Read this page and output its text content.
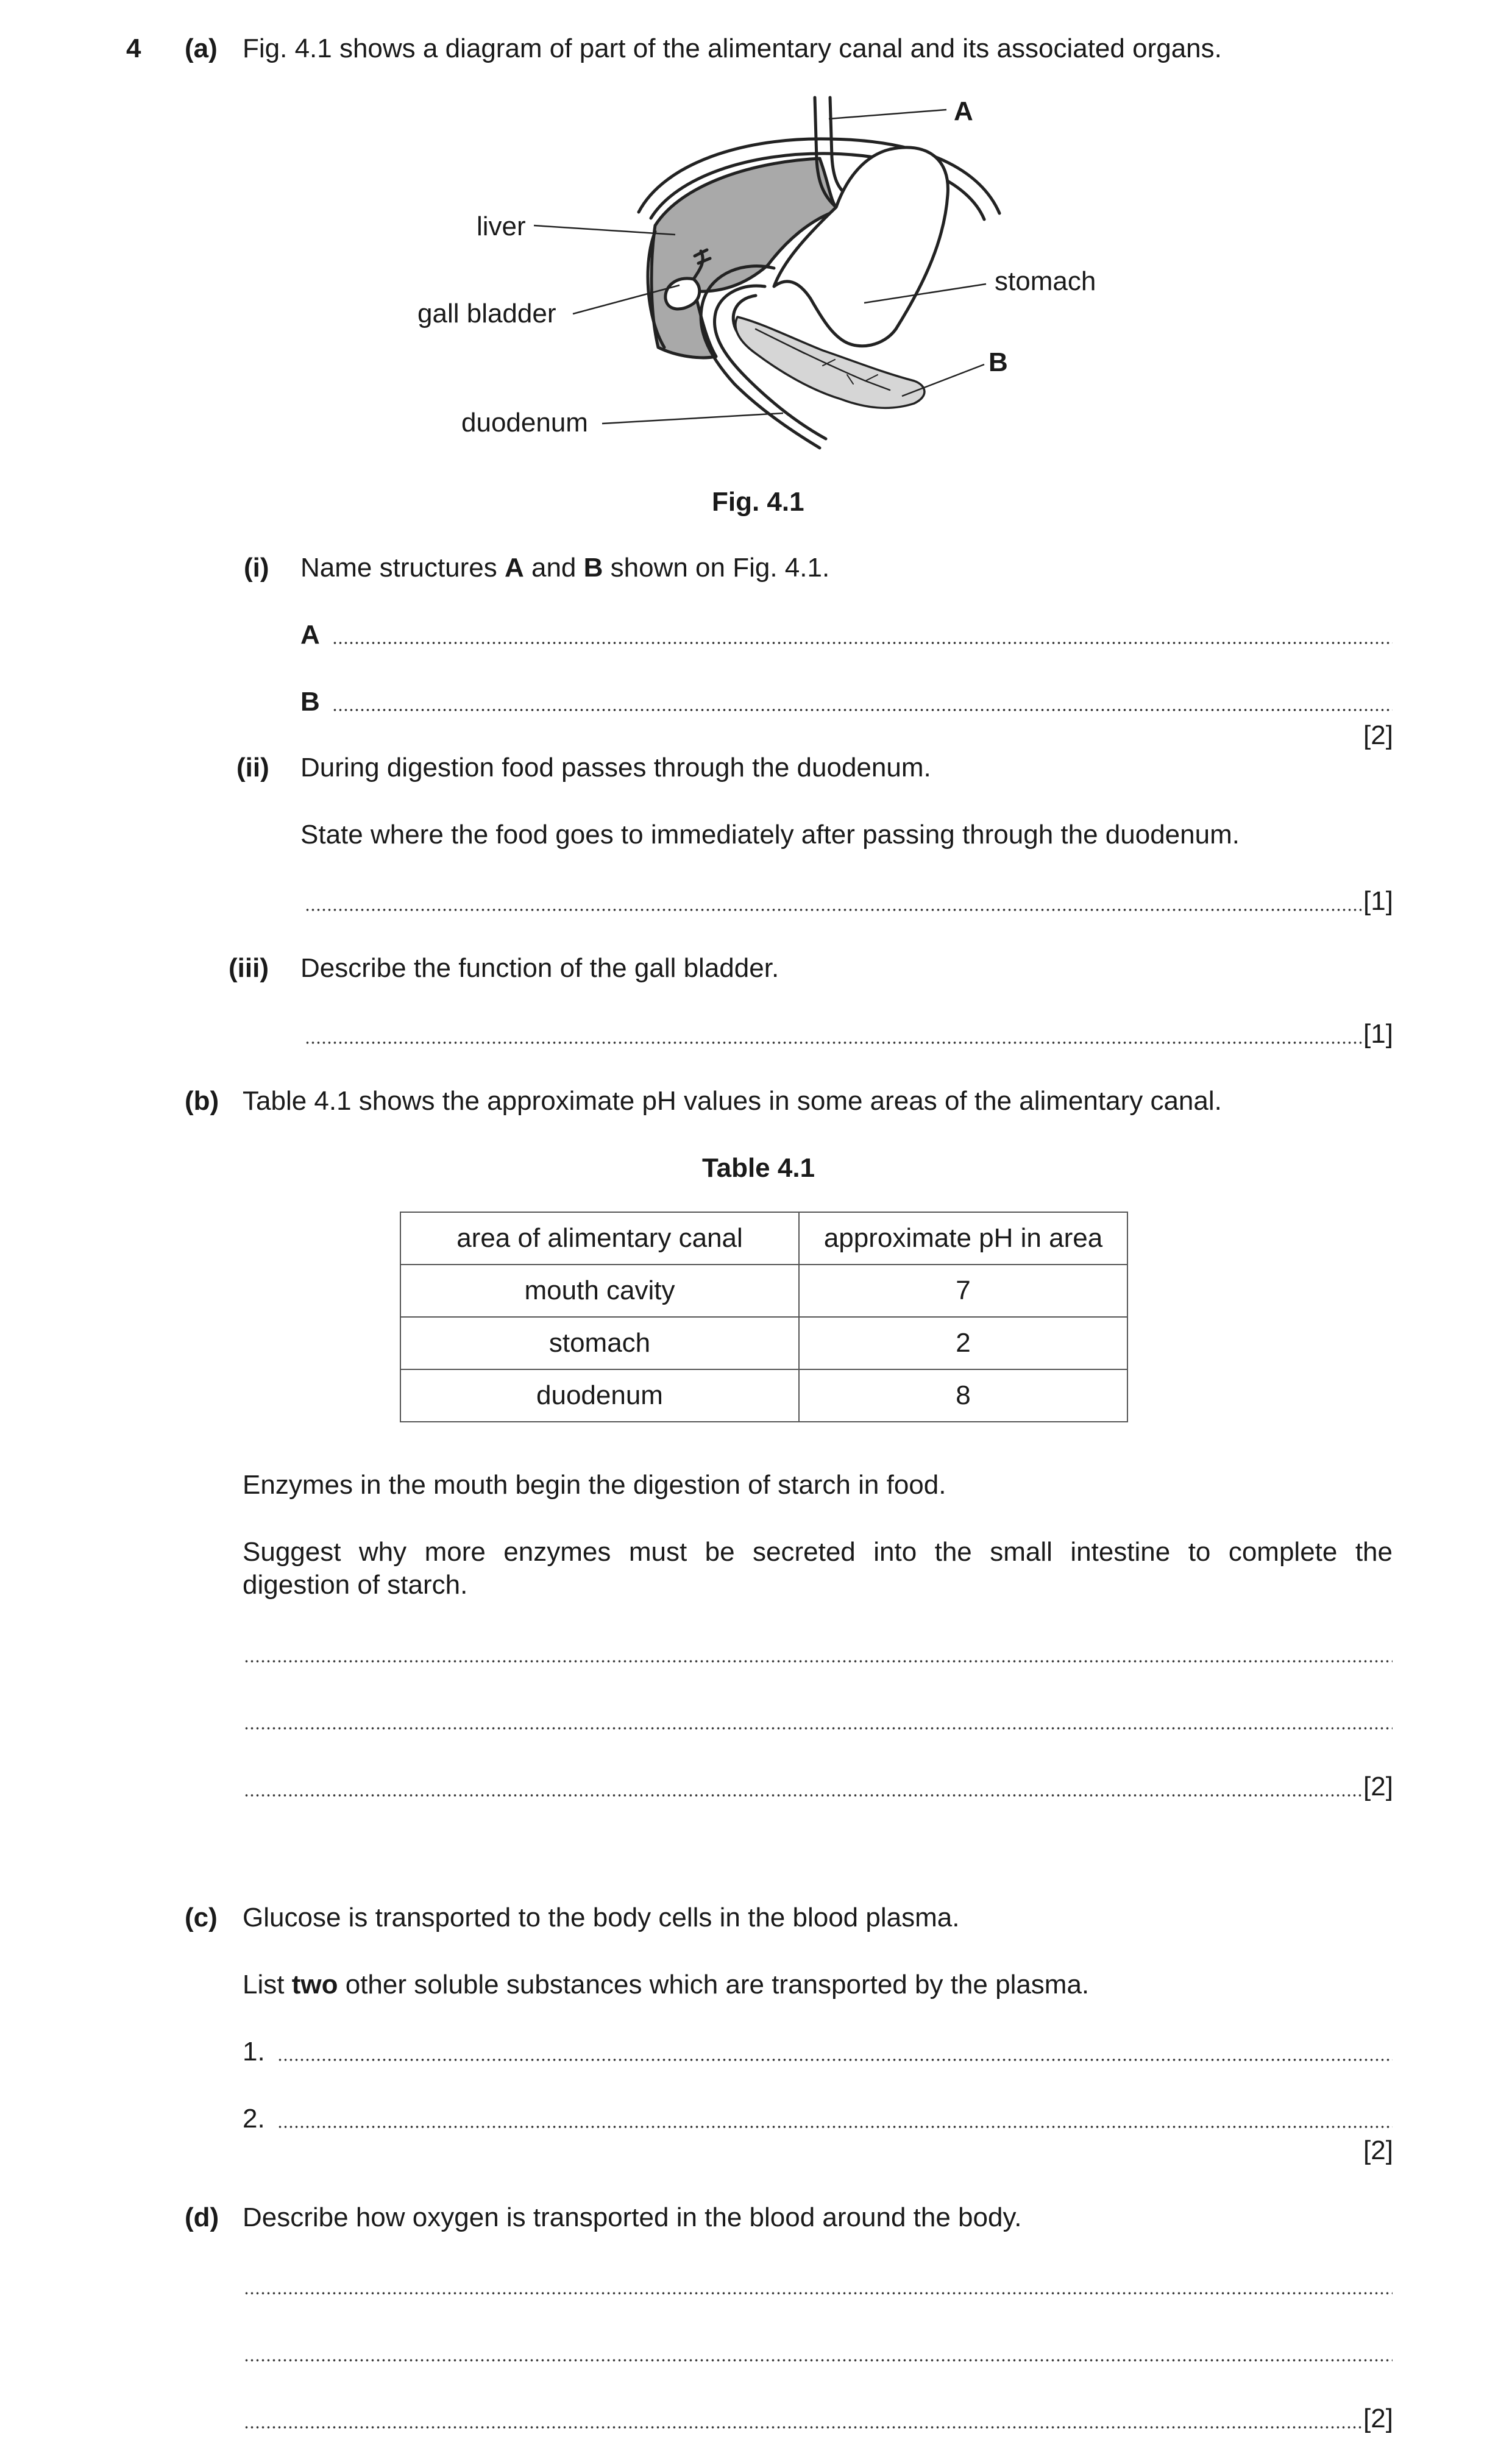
4 (a) Fig. 4.1 shows a diagram of part of the alimentary canal and its associated organs.
A
liver
stomach
gall bladder
B
duodenum
Fig. 4.1
(i) Name structures A and B shown on Fig. 4.1.
A
B
[2]
(ii) During digestion food passes through the duodenum.
State where the food goes to immediately after passing through the duodenum.
[1]
(iii) Describe the function of the gall bladder.
[1]
(b) Table 4.1 shows the approximate pH values in some areas of the alimentary canal.
Table 4.1
area of alimentary canal	approximate pH in area
mouth cavity	7
stomach	2
duodenum	8
Enzymes in the mouth begin the digestion of starch in food.
Suggest why more enzymes must be secreted into the small intestine to complete the
digestion of starch.
[2]
(c) Glucose is transported to the body cells in the blood plasma.
List two other soluble substances which are transported by the plasma.
1.
2.
[2]
(d) Describe how oxygen is transported in the blood around the body.
[2]
